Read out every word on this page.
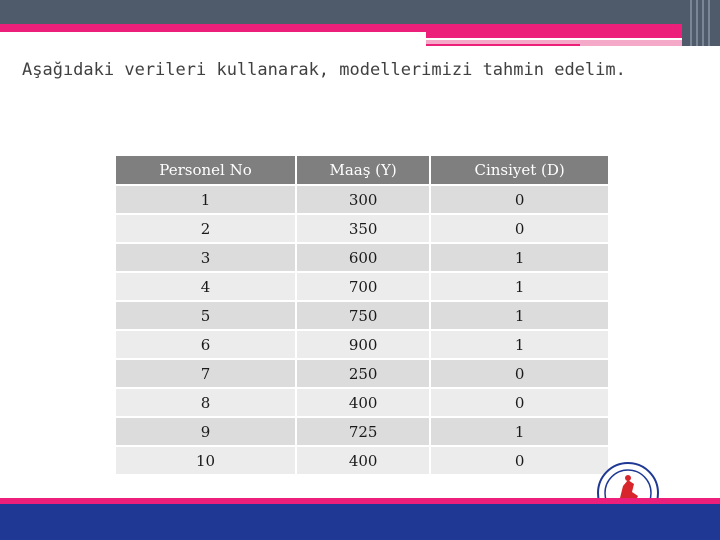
Aşağıdaki verileri kullanarak, modellerimizi tahmin edelim.
Personel No	Maaş (Y)	Cinsiyet (D)
1	300	0
2	350	0
3	600	1
4	700	1
5	750	1
6	900	1
7	250	0
8	400	0
9	725	1
10	400	0
